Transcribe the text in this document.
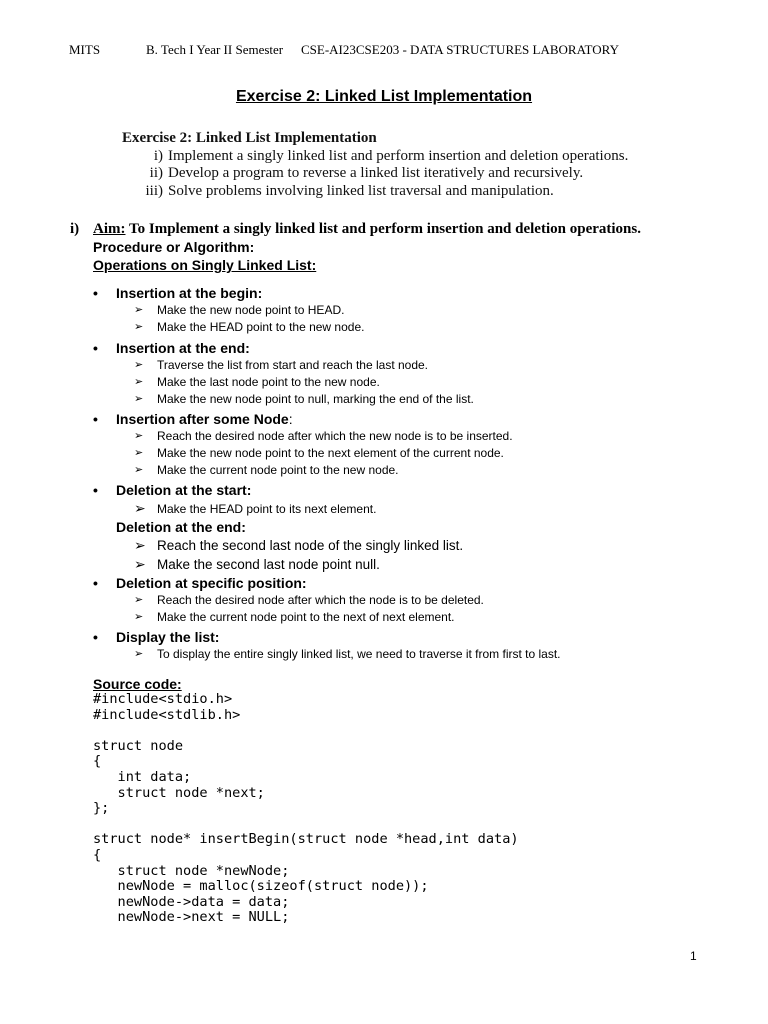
MITS	B. Tech I Year II Semester CSE-AI23CSE203 - DATA STRUCTURES LABORATORY
Exercise 2: Linked List Implementation
Exercise 2: Linked List Implementation
i) Implement a singly linked list and perform insertion and deletion operations.
ii) Develop a program to reverse a linked list iteratively and recursively.
iii) Solve problems involving linked list traversal and manipulation.
i) Aim: To Implement a singly linked list and perform insertion and deletion operations.
Procedure or Algorithm:
Operations on Singly Linked List:
• Insertion at the begin:
➢ Make the new node point to HEAD.
➢ Make the HEAD point to the new node.
• Insertion at the end:
➢ Traverse the list from start and reach the last node.
➢ Make the last node point to the new node.
➢ Make the new node point to null, marking the end of the list.
• Insertion after some Node:
➢ Reach the desired node after which the new node is to be inserted.
➢ Make the new node point to the next element of the current node.
➢ Make the current node point to the new node.
• Deletion at the start:
➢ Make the HEAD point to its next element.
Deletion at the end:
➢ Reach the second last node of the singly linked list.
➢ Make the second last node point null.
• Deletion at specific position:
➢ Reach the desired node after which the node is to be deleted.
➢ Make the current node point to the next of next element.
• Display the list:
➢ To display the entire singly linked list, we need to traverse it from first to last.
Source code:
#include<stdio.h>
#include<stdlib.h>

struct node
{
int data;
struct node *next;
};

struct node* insertBegin(struct node *head,int data)
{
struct node *newNode;
newNode = malloc(sizeof(struct node));
newNode->data = data;
newNode->next = NULL;
1
